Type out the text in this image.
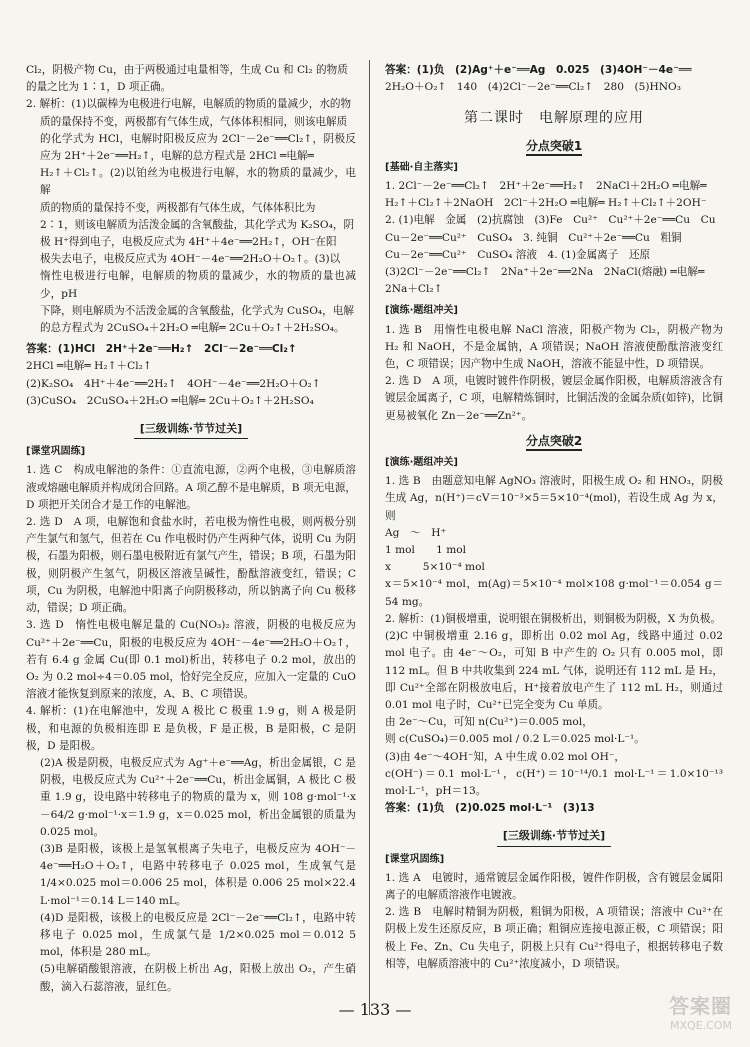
Cl₂，阴极产物 Cu，由于两极通过电量相等，生成 Cu 和 Cl₂ 的物质

的量之比为 1∶1，D 项正确。

2. 解析：(1)以碳棒为电极进行电解，电解质的物质的量减少，水的物

质的量保持不变，两极都有气体生成，气体体积相同，则该电解质

的化学式为 HCl，电解时阳极反应为 2Cl⁻－2e⁻══Cl₂↑，阴极反应为 2H⁺＋2e⁻══H₂↑，电解的总方程式是 2HCl ═电解═

H₂↑＋Cl₂↑。(2)以铂丝为电极进行电解，水的物质的量减少，电解

质的物质的量保持不变，两极都有气体生成，气体体积比为

2∶1，则该电解质为活泼金属的含氧酸盐，其化学式为 K₂SO₄，阴

极 H⁺得到电子，电极反应式为 4H⁺＋4e⁻══2H₂↑，OH⁻在阳

极失去电子，电极反应式为 4OH⁻－4e⁻══2H₂O＋O₂↑。(3)以

惰性电极进行电解，电解质的物质的量减少，水的物质的量也减少，pH

下降，则电解质为不活泼金属的含氧酸盐，化学式为 CuSO₄，电解

的总方程式为 2CuSO₄＋2H₂O ═电解═ 2Cu＋O₂↑＋2H₂SO₄。

答案：(1)HCl　2H⁺＋2e⁻══H₂↑　2Cl⁻－2e⁻══Cl₂↑

2HCl ═电解═ H₂↑＋Cl₂↑

(2)K₂SO₄　4H⁺＋4e⁻══2H₂↑　4OH⁻－4e⁻══2H₂O＋O₂↑

(3)CuSO₄　2CuSO₄＋2H₂O ═电解═ 2Cu＋O₂↑＋2H₂SO₄

[三级训练·节节过关]
[课堂巩固练]

1. 选 C　构成电解池的条件：①直流电源，②两个电极，③电解质溶液或熔融电解质并构成闭合回路。A 项乙醇不是电解质，B 项无电源，D 项把开关闭合才是工作的电解池。

2. 选 D　A 项，电解饱和食盐水时，若电极为惰性电极，则两极分别产生氯气和氢气，但若在 Cu 作电极时仍产生两种气体，说明 Cu 为阴极，石墨为阳极，则石墨电极附近有氯气产生，错误；B 项，石墨为阳极，则阴极产生氢气，阴极区溶液呈碱性，酚酞溶液变红，错误；C 项，Cu 为阴极，电解池中阳离子向阴极移动，所以钠离子向 Cu 极移动，错误；D 项正确。

3. 选 D　惰性电极电解足量的 Cu(NO₃)₂ 溶液，阴极的电极反应为 Cu²⁺＋2e⁻══Cu，阳极的电极反应为 4OH⁻－4e⁻══2H₂O＋O₂↑，若有 6.4 g 金属 Cu(即 0.1 mol)析出，转移电子 0.2 mol，放出的 O₂ 为 0.2 mol÷4＝0.05 mol，恰好完全反应，应加入一定量的 CuO 溶液才能恢复到原来的浓度，A、B、C 项错误。

4. 解析：(1)在电解池中，发现 A 极比 C 极重 1.9 g，则 A 极是阴极，和电源的负极相连即 E 是负极，F 是正极，B 是阳极，C 是阴极，D 是阳极。

(2)A 极是阴极，电极反应式为 Ag⁺＋e⁻══Ag，析出金属银，C 是阴极，电极反应式为 Cu²⁺＋2e⁻══Cu，析出金属铜，A 极比 C 极重 1.9 g，设电路中转移电子的物质的量为 x，则 108 g·mol⁻¹·x－64/2 g·mol⁻¹·x＝1.9 g，x＝0.025 mol，析出金属银的质量为 0.025 mol。

(3)B 是阳极，该极上是氢氧根离子失电子，电极反应为 4OH⁻－4e⁻══H₂O＋O₂↑，电路中转移电子 0.025 mol，生成氧气是 1/4×0.025 mol＝0.006 25 mol，体积是 0.006 25 mol×22.4 L·mol⁻¹＝0.14 L＝140 mL。

(4)D 是阳极，该极上的电极反应是 2Cl⁻－2e⁻══Cl₂↑，电路中转移电子 0.025 mol，生成氯气是 1/2×0.025 mol＝0.012 5 mol，体积是 280 mL。

(5)电解硝酸银溶液，在阴极上析出 Ag，阳极上放出 O₂，产生硝酸，滴入石蕊溶液，显红色。

答案：(1)负　(2)Ag⁺＋e⁻══Ag　0.025　(3)4OH⁻－4e⁻══

2H₂O＋O₂↑　140　(4)2Cl⁻－2e⁻══Cl₂↑　280　(5)HNO₃

第二课时　电解原理的应用
分点突破1
[基础·自主落实]

1. 2Cl⁻－2e⁻══Cl₂↑　2H⁺＋2e⁻══H₂↑　2NaCl＋2H₂O ═电解═

H₂↑＋Cl₂↑＋2NaOH　2Cl⁻＋2H₂O ═电解═ H₂↑＋Cl₂↑＋2OH⁻

2. (1)电解　金属　(2)抗腐蚀　(3)Fe　Cu²⁺　Cu²⁺＋2e⁻══Cu　Cu

Cu－2e⁻══Cu²⁺　CuSO₄　3. 纯铜　Cu²⁺＋2e⁻══Cu　粗铜

Cu－2e⁻══Cu²⁺　CuSO₄ 溶液　4. (1)金属离子　还原

(3)2Cl⁻－2e⁻══Cl₂↑　2Na⁺＋2e⁻══2Na　2NaCl(熔融) ═电解═

2Na＋Cl₂↑

[演练·题组冲关]

1. 选 B　用惰性电极电解 NaCl 溶液，阳极产物为 Cl₂，阴极产物为 H₂ 和 NaOH，不是金属钠，A 项错误；NaOH 溶液使酚酞溶液变红色，C 项错误；因产物中生成 NaOH，溶液不能显中性，D 项错误。

2. 选 D　A 项，电镀时镀件作阴极，镀层金属作阳极，电解质溶液含有镀层金属离子，C 项，电解精炼铜时，比铜活泼的金属杂质(如锌)，比铜更易被氧化 Zn－2e⁻══Zn²⁺。

分点突破2
[演练·题组冲关]

1. 选 B　由题意知电解 AgNO₃ 溶液时，阳极生成 O₂ 和 HNO₃，阴极生成 Ag，n(H⁺)＝cV＝10⁻³×5＝5×10⁻⁴(mol)，若设生成 Ag 为 x，则

Ag　～　H⁺

1 mol　　1 mol

x　　　5×10⁻⁴ mol

x＝5×10⁻⁴ mol，m(Ag)＝5×10⁻⁴ mol×108 g·mol⁻¹＝0.054 g＝54 mg。

2. 解析：(1)铜极增重，说明银在铜极析出，则铜极为阴极，X 为负极。

(2)C 中铜极增重 2.16 g，即析出 0.02 mol Ag，线路中通过 0.02 mol 电子。由 4e⁻～O₂，可知 B 中产生的 O₂ 只有 0.005 mol，即 112 mL。但 B 中共收集到 224 mL 气体，说明还有 112 mL 是 H₂，即 Cu²⁺全部在阴极放电后，H⁺接着放电产生了 112 mL H₂，则通过 0.01 mol 电子时，Cu²⁺已完全变为 Cu 单质。

由 2e⁻～Cu，可知 n(Cu²⁺)＝0.005 mol，

则 c(CuSO₄)＝0.005 mol / 0.2 L＝0.025 mol·L⁻¹。

(3)由 4e⁻～4OH⁻知，A 中生成 0.02 mol OH⁻，

c(OH⁻)＝0.1 mol·L⁻¹，c(H⁺)＝10⁻¹⁴/0.1 mol·L⁻¹＝1.0×10⁻¹³ mol·L⁻¹，pH＝13。

答案：(1)负　(2)0.025 mol·L⁻¹　(3)13

[三级训练·节节过关]
[课堂巩固练]

1. 选 A　电镀时，通常镀层金属作阳极，镀件作阴极，含有镀层金属阳离子的电解质溶液作电镀液。

2. 选 B　电解时精铜为阴极，粗铜为阳极，A 项错误；溶液中 Cu²⁺在阴极上发生还原反应，B 项正确；粗铜应连接电源正极，C 项错误；阳极上 Fe、Zn、Cu 失电子，阴极上只有 Cu²⁺得电子，根据转移电子数相等，电解质溶液中的 Cu²⁺浓度减小，D 项错误。

— 133 —	答案圈
MXQE.COM
